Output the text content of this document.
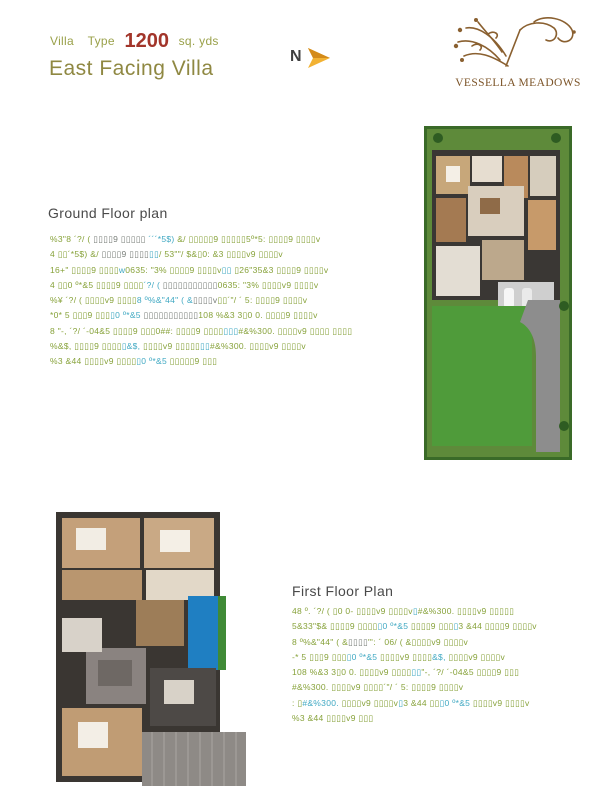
Villa Type 1200 sq. yds
East Facing Villa
N
VESSELLA MEADOWS
Ground Floor plan
%3"8 ´?/ ( ▯▯▯▯9 ▯▯▯▯▯ ´´´*5$) &/ ▯▯▯▯▯9 ▯▯▯▯▯5º*5: ▯▯▯▯9 ▯▯▯▯v
4 ▯▯´*5$) &/ ▯▯▯▯9 ▯▯▯▯▯▯/ 53""/ $&▯0: &3 ▯▯▯▯v9 ▯▯▯▯v
16+" ▯▯▯▯9 ▯▯▯▯w0635: "3% ▯▯▯▯9 ▯▯▯▯v▯▯ ▯26"35&3 ▯▯▯▯9 ▯▯▯▯v
4 ▯▯0 º*&5 ▯▯▯▯9 ▯▯▯▯´?/ ( ▯▯▯▯▯▯▯▯▯▯▯0635: "3% ▯▯▯▯v9 ▯▯▯▯v
%¥ ´?/ ( ▯▯▯▯v9 ▯▯▯▯8 º%&"44" ( &▯▯▯▯v▯▯´"/ ´ 5: ▯▯▯▯9 ▯▯▯▯v
*0* 5 ▯▯▯9 ▯▯▯▯0 º*&5 ▯▯▯▯▯▯▯▯▯▯▯108 %&3 3▯0 0. ▯▯▯▯9 ▯▯▯▯v
8 "-, ´?/ ´-04&5 ▯▯▯▯9 ▯▯▯0##: ▯▯▯▯9 ▯▯▯▯▯▯▯#&%300. ▯▯▯▯v9 ▯▯▯▯ ▯▯▯▯
%&$, ▯▯▯▯9 ▯▯▯▯▯&$, ▯▯▯▯v9 ▯▯▯▯▯▯▯#&%300. ▯▯▯▯v9 ▯▯▯▯v
%3 &44 ▯▯▯▯v9 ▯▯▯▯▯0 º*&5 ▯▯▯▯▯9 ▯▯▯
First Floor Plan
48 º. ´?/ ( ▯0 0- ▯▯▯▯v9 ▯▯▯▯v▯#&%300. ▯▯▯▯v9 ▯▯▯▯▯
5&33"$& ▯▯▯▯9 ▯▯▯▯▯0 º*&5 ▯▯▯▯9 ▯▯▯▯3 &44 ▯▯▯▯9 ▯▯▯▯v
8 º%&"44" ( &▯▯▯▯"': ´ 06/ ( &▯▯▯▯v9 ▯▯▯▯v
-* 5 ▯▯▯9 ▯▯▯▯0 º*&5 ▯▯▯▯v9 ▯▯▯▯&$, ▯▯▯▯v9 ▯▯▯▯v
108 %&3 3▯0 0. ▯▯▯▯v9 ▯▯▯▯▯▯"-, ´?/ ´-04&5 ▯▯▯▯9 ▯▯▯
#&%300. ▯▯▯▯v9 ▯▯▯▯´"/ ´ 5: ▯▯▯▯9 ▯▯▯▯v
: ▯#&%300. ▯▯▯▯v9 ▯▯▯▯v▯3 &44 ▯▯▯0 º*&5 ▯▯▯▯v9 ▯▯▯▯v
%3 &44 ▯▯▯▯v9 ▯▯▯
